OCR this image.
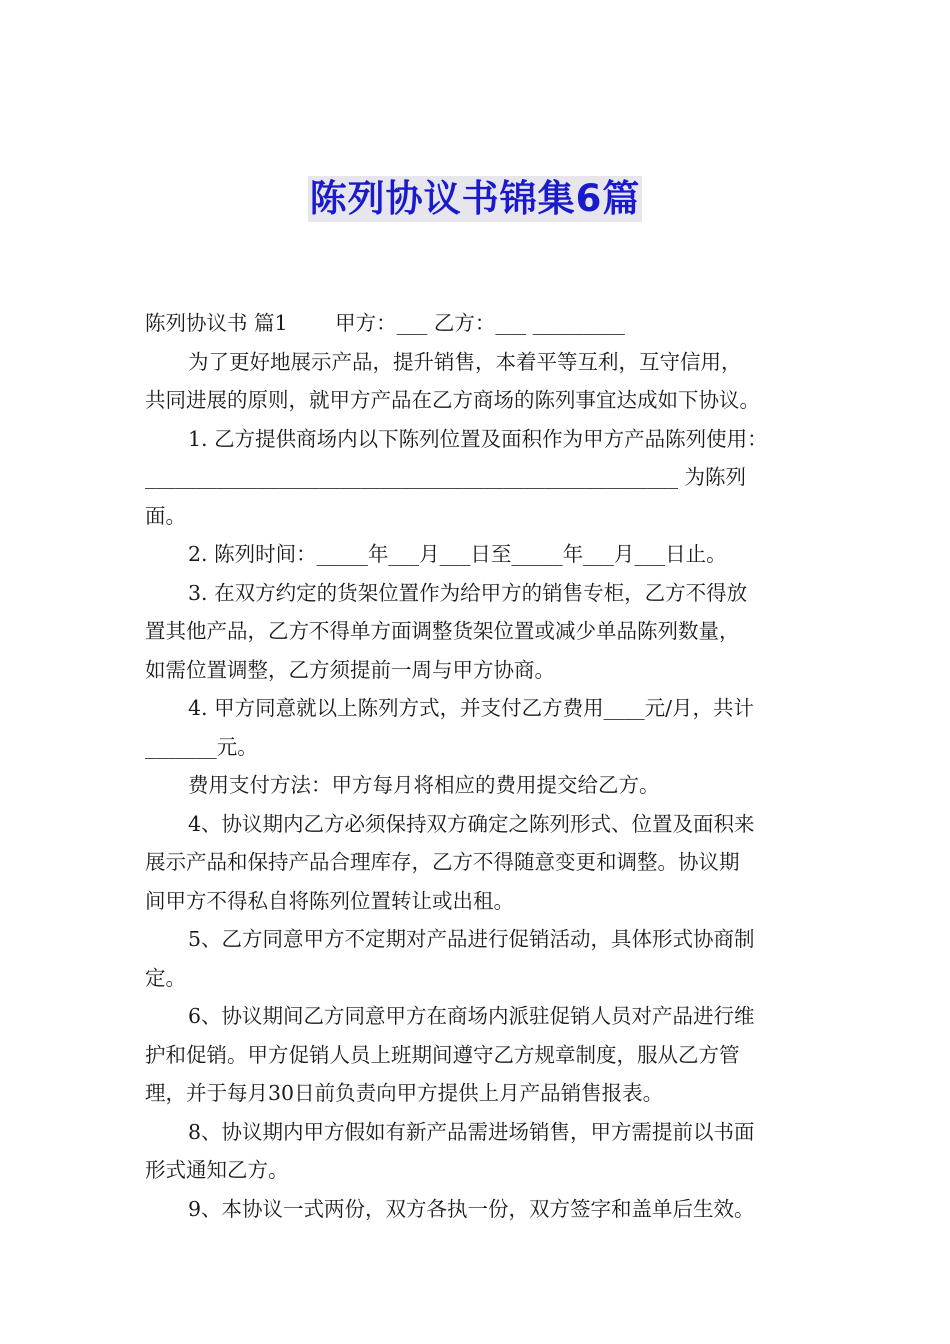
陈列协议书锦集6篇
陈列协议书 篇1　　 甲方：___ 乙方：___ _________
为了更好地展示产品，提升销售，本着平等互利，互守信用，
共同进展的原则，就甲方产品在乙方商场的陈列事宜达成如下协议。
1. 乙方提供商场内以下陈列位置及面积作为甲方产品陈列使用：
____________________________________________________ 为陈列
面。
2. 陈列时间：_____年___月___日至_____年___月___日止。
3. 在双方约定的货架位置作为给甲方的销售专柜，乙方不得放
置其他产品，乙方不得单方面调整货架位置或减少单品陈列数量，
如需位置调整，乙方须提前一周与甲方协商。
4. 甲方同意就以上陈列方式，并支付乙方费用____元/月，共计
_______元。
费用支付方法：甲方每月将相应的费用提交给乙方。
4、协议期内乙方必须保持双方确定之陈列形式、位置及面积来
展示产品和保持产品合理库存，乙方不得随意变更和调整。协议期
间甲方不得私自将陈列位置转让或出租。
5、乙方同意甲方不定期对产品进行促销活动，具体形式协商制
定。
6、协议期间乙方同意甲方在商场内派驻促销人员对产品进行维
护和促销。甲方促销人员上班期间遵守乙方规章制度，服从乙方管
理，并于每月30日前负责向甲方提供上月产品销售报表。
8、协议期内甲方假如有新产品需进场销售，甲方需提前以书面
形式通知乙方。
9、本协议一式两份，双方各执一份，双方签字和盖单后生效。
